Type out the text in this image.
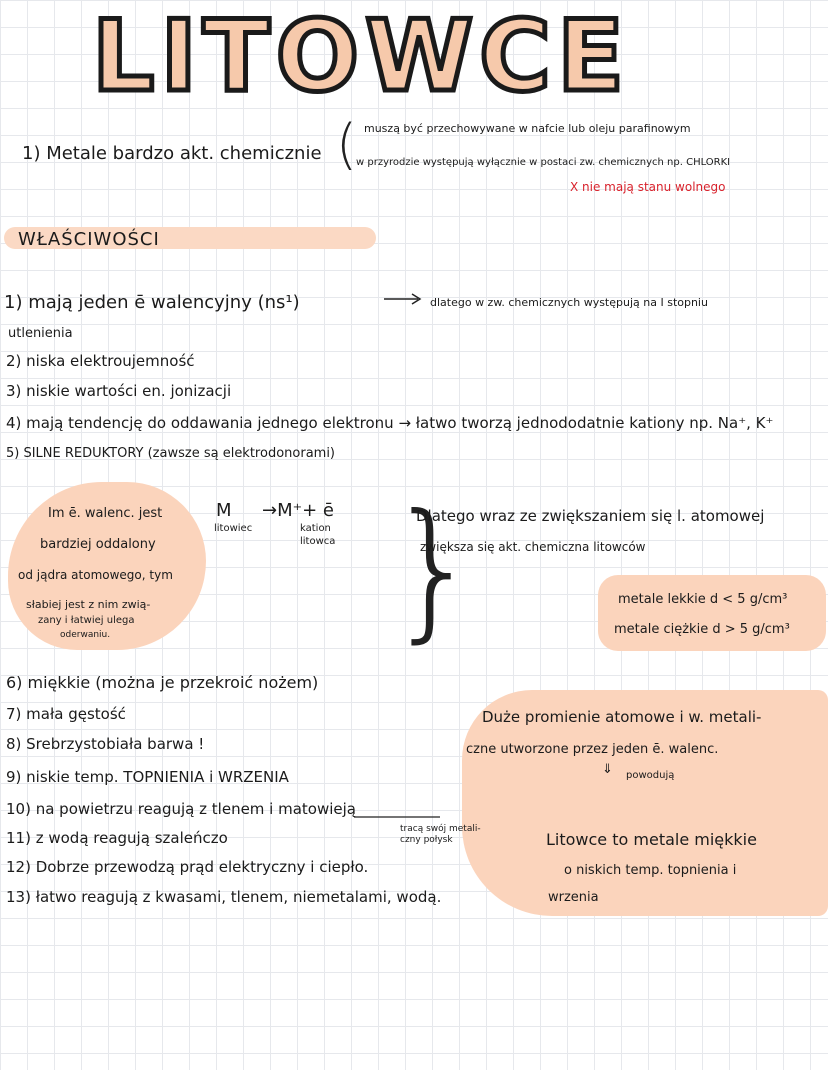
LITOWCE
1) Metale bardzo akt. chemicznie ( muszą być przechowywane w nafcie lub oleju parafinowym
w przyrodzie występują wyłącznie w postaci zw. chemicznych np. CHLORKI
X nie mają stanu wolnego
WŁAŚCIWOŚCI
1) mają jeden ē walencyjny (ns¹)	dlatego w zw. chemicznych występują na I stopniu
utlenienia
2) niska elektroujemność
3) niskie wartości en. jonizacji
4) mają tendencję do oddawania jednego elektronu → łatwo tworzą jednododatnie kationy np. Na⁺, K⁺
5) SILNE REDUKTORY (zawsze są elektrodonorami)
Im ē. walenc. jest
bardziej oddalony
od jądra atomowego, tym
słabiej jest z nim zwią-
zany i łatwiej ulega
oderwaniu.
M →M⁺+ ē
litowiec	kation
litowca }
Dlatego wraz ze zwiększaniem się l. atomowej
zwiększa się akt. chemiczna litowców
metale lekkie d < 5 g/cm³
metale ciężkie d > 5 g/cm³
6) miękkie (można je przekroić nożem)
7) mała gęstość
8) Srebrzystobiała barwa !
9) niskie temp. TOPNIENIA i WRZENIA
10) na powietrzu reagują z tlenem i matowieją
tracą swój metali-
czny połysk
11) z wodą reagują szaleńczo
12) Dobrze przewodzą prąd elektryczny i ciepło.
13) łatwo reagują z kwasami, tlenem, niemetalami, wodą.
Duże promienie atomowe i w. metali-
czne utworzone przez jeden ē. walenc.
⇓ powodują
Litowce to metale miękkie
o niskich temp. topnienia i
wrzenia
